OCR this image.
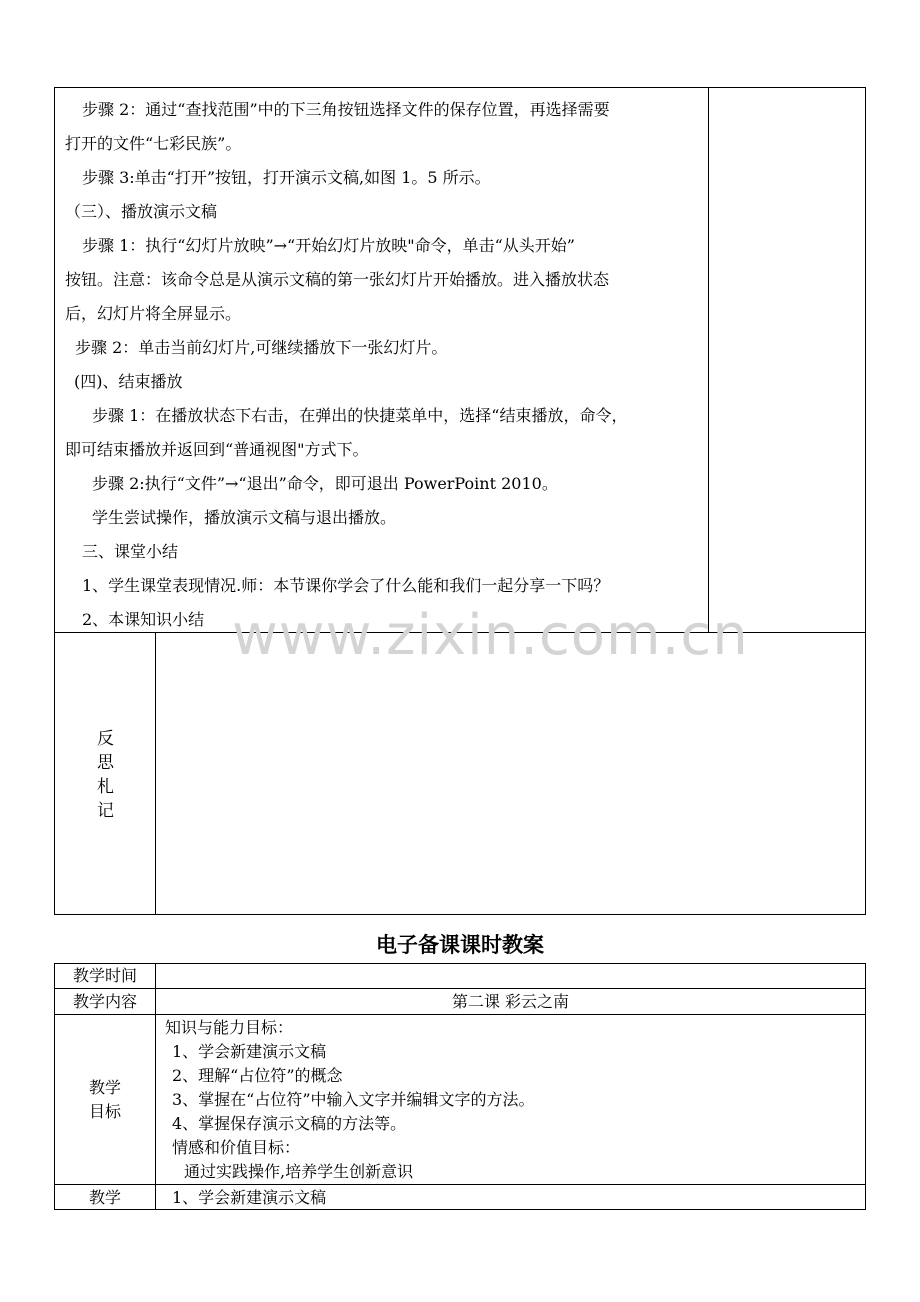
步骤 2：通过“查找范围”中的下三角按钮选择文件的保存位置，再选择需要
打开的文件“七彩民族”。
步骤 3:单击“打开”按钮，打开演示文稿,如图 1。5 所示。
（三）、播放演示文稿
步骤 1：执行“幻灯片放映”→“开始幻灯片放映"命令，单击“从头开始”
按钮。注意：该命令总是从演示文稿的第一张幻灯片开始播放。进入播放状态
后，幻灯片将全屏显示。
步骤 2：单击当前幻灯片,可继续播放下一张幻灯片。
(四)、结束播放
步骤 1：在播放状态下右击，在弹出的快捷菜单中，选择“结束播放，命令，
即可结束播放并返回到“普通视图"方式下。
步骤 2:执行“文件”→“退出”命令，即可退出 PowerPoint 2010。
学生尝试操作，播放演示文稿与退出播放。
三、课堂小结
1、学生课堂表现情况.师：本节课你学会了什么能和我们一起分享一下吗？
2、本课知识小结
反
思
札
记
www.zixin.com.cn
电子备课课时教案
教学时间
教学内容	第二课 彩云之南
教学
目标
知识与能力目标：
1、学会新建演示文稿
2、理解“占位符”的概念
3、掌握在“占位符”中输入文字并编辑文字的方法。
4、掌握保存演示文稿的方法等。
情感和价值目标：
通过实践操作,培养学生创新意识
教学	1、学会新建演示文稿
